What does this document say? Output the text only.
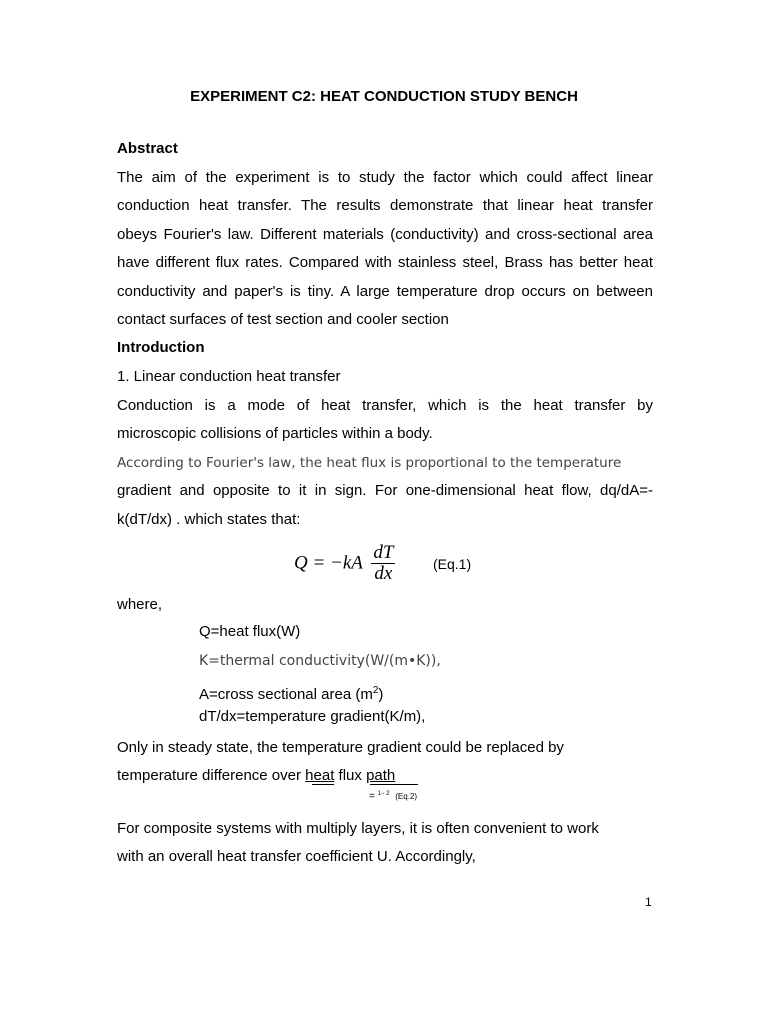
EXPERIMENT C2: HEAT CONDUCTION STUDY BENCH
Abstract
The aim of the experiment is to study the factor which could affect linear
conduction heat transfer. The results demonstrate that linear heat transfer
obeys Fourier's law. Different materials (conductivity) and cross-sectional area
have different flux rates. Compared with stainless steel, Brass has better heat
conductivity and paper's is tiny. A large temperature drop occurs on between
contact surfaces of test section and cooler section
Introduction
1. Linear conduction heat transfer
Conduction is a mode of heat transfer, which is the heat transfer by
microscopic collisions of particles within a body.
According to Fourier's law, the heat flux is proportional to the temperature
gradient and opposite to it in sign. For one-dimensional heat flow, dq/dA=-
k(dT/dx) . which states that:
$Q = -kA \frac{dT}{dx}$	(Eq.1)
where,
Q=heat flux(W)
K=thermal conductivity(W/(m•K)),
A=cross sectional area $(m^2)$
dT/dx=temperature gradient(K/m),
Only in steady state, the temperature gradient could be replaced by
temperature difference over heat flux path
= $^{1- 2}$ (Eq.2)
For composite systems with multiply layers, it is often convenient to work
with an overall heat transfer coefficient U. Accordingly,
1
